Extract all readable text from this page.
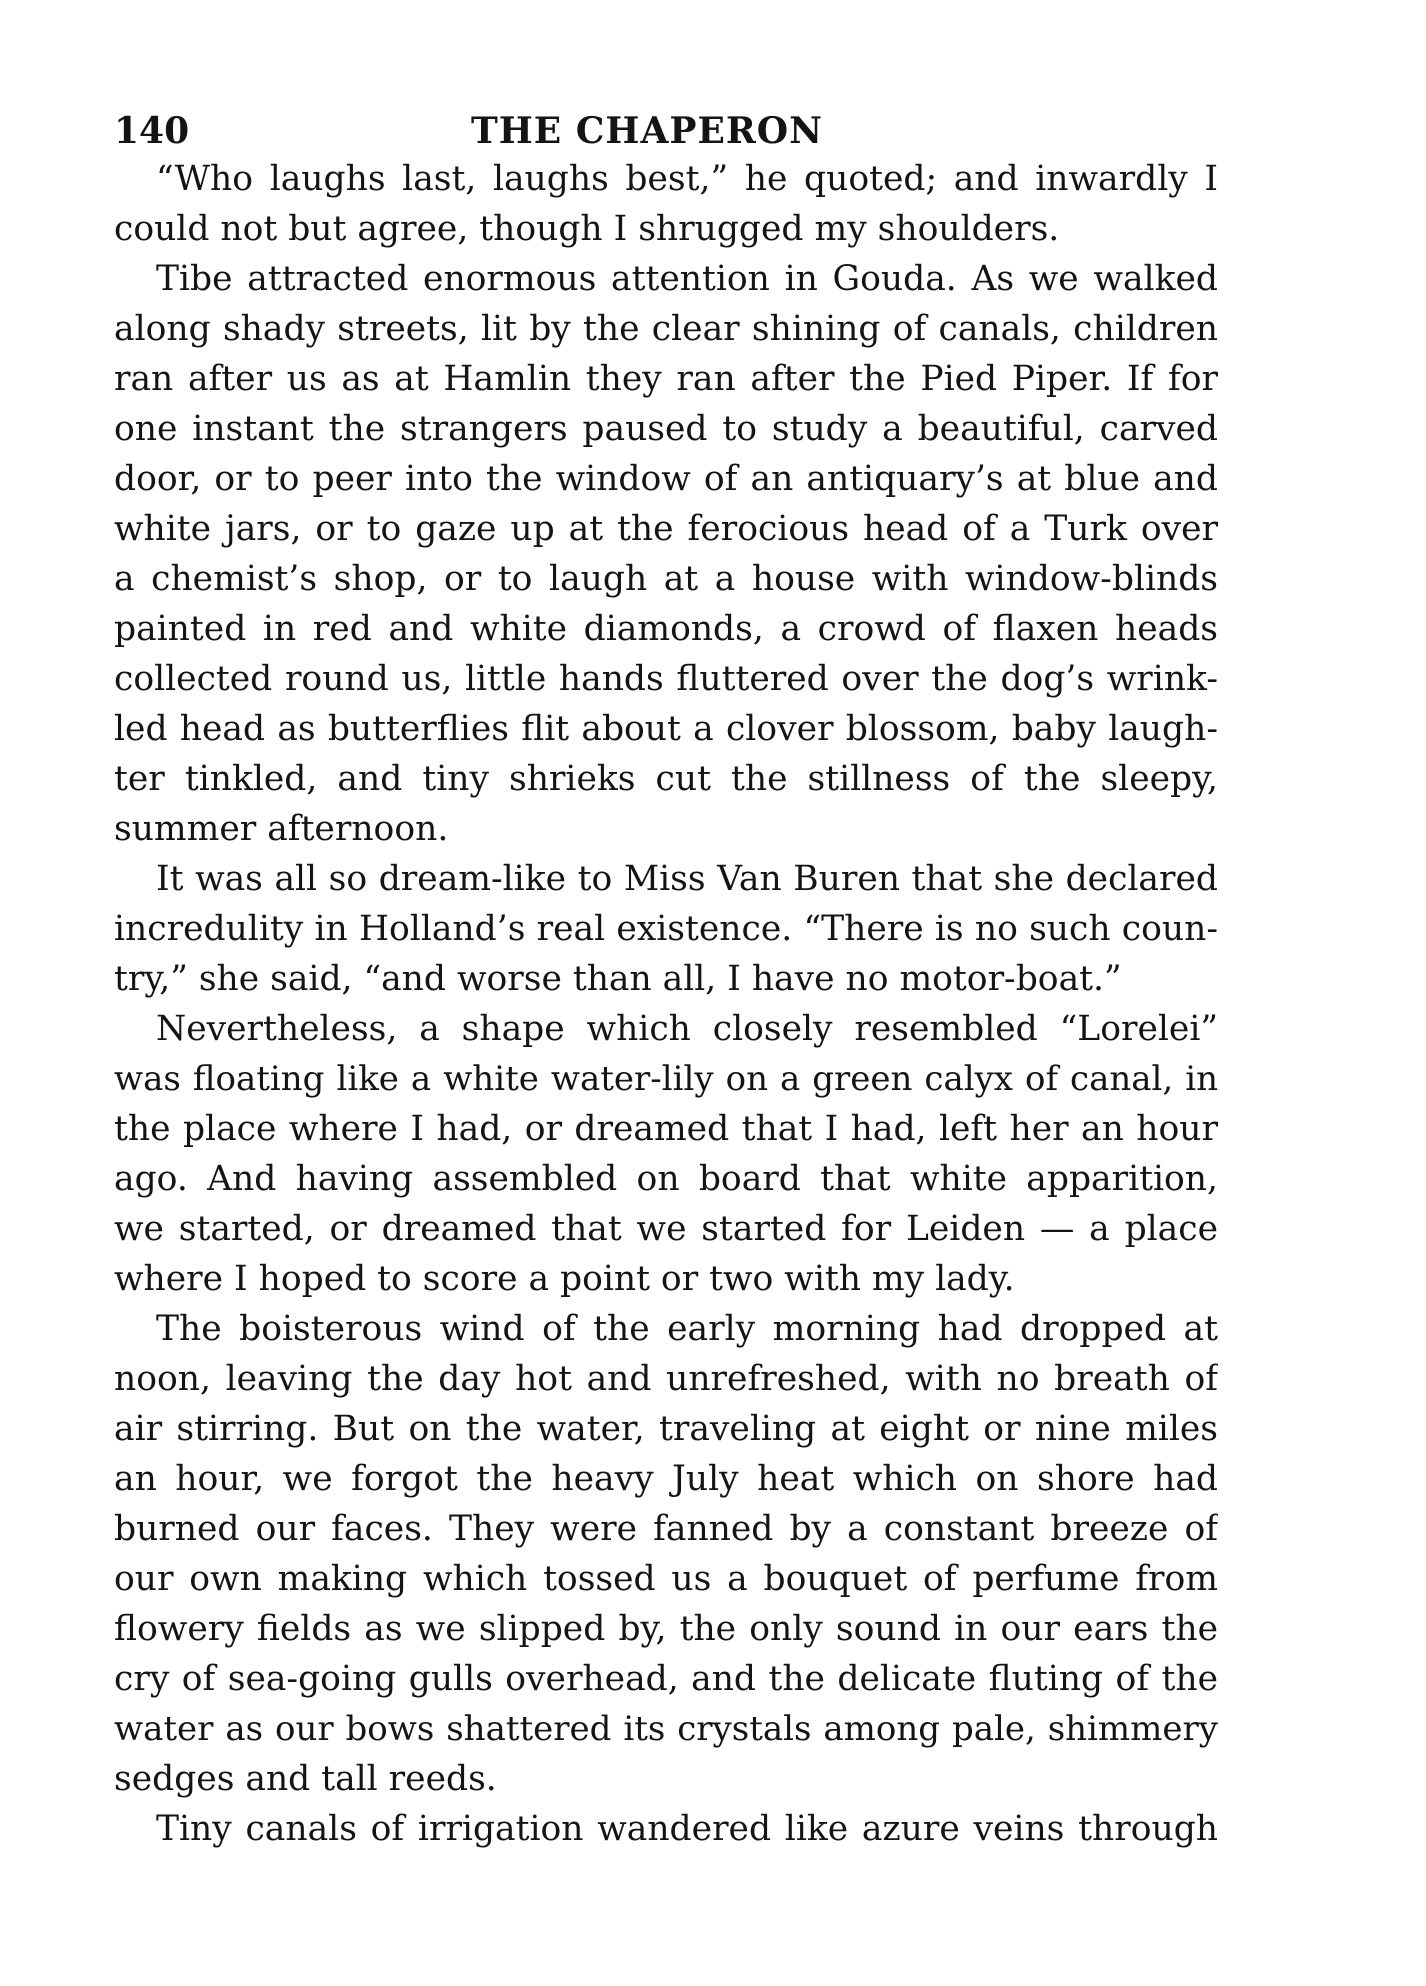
140	THE CHAPERON
“Who laughs last, laughs best,” he quoted; and inwardly I
could not but agree, though I shrugged my shoulders.
Tibe attracted enormous attention in Gouda. As we walked
along shady streets, lit by the clear shining of canals, children
ran after us as at Hamlin they ran after the Pied Piper. If for
one instant the strangers paused to study a beautiful, carved
door, or to peer into the window of an antiquary’s at blue and
white jars, or to gaze up at the ferocious head of a Turk over
a chemist’s shop, or to laugh at a house with window-blinds
painted in red and white diamonds, a crowd of flaxen heads
collected round us, little hands fluttered over the dog’s wrink-
led head as butterflies flit about a clover blossom, baby laugh-
ter tinkled, and tiny shrieks cut the stillness of the sleepy,
summer afternoon.
It was all so dream-like to Miss Van Buren that she declared
incredulity in Holland’s real existence. “There is no such coun-
try,” she said, “and worse than all, I have no motor-boat.”
Nevertheless, a shape which closely resembled “Lorelei”
was floating like a white water-lily on a green calyx of canal, in
the place where I had, or dreamed that I had, left her an hour
ago. And having assembled on board that white apparition,
we started, or dreamed that we started for Leiden — a place
where I hoped to score a point or two with my lady.
The boisterous wind of the early morning had dropped at
noon, leaving the day hot and unrefreshed, with no breath of
air stirring. But on the water, traveling at eight or nine miles
an hour, we forgot the heavy July heat which on shore had
burned our faces. They were fanned by a constant breeze of
our own making which tossed us a bouquet of perfume from
flowery fields as we slipped by, the only sound in our ears the
cry of sea-going gulls overhead, and the delicate fluting of the
water as our bows shattered its crystals among pale, shimmery
sedges and tall reeds.
Tiny canals of irrigation wandered like azure veins through
